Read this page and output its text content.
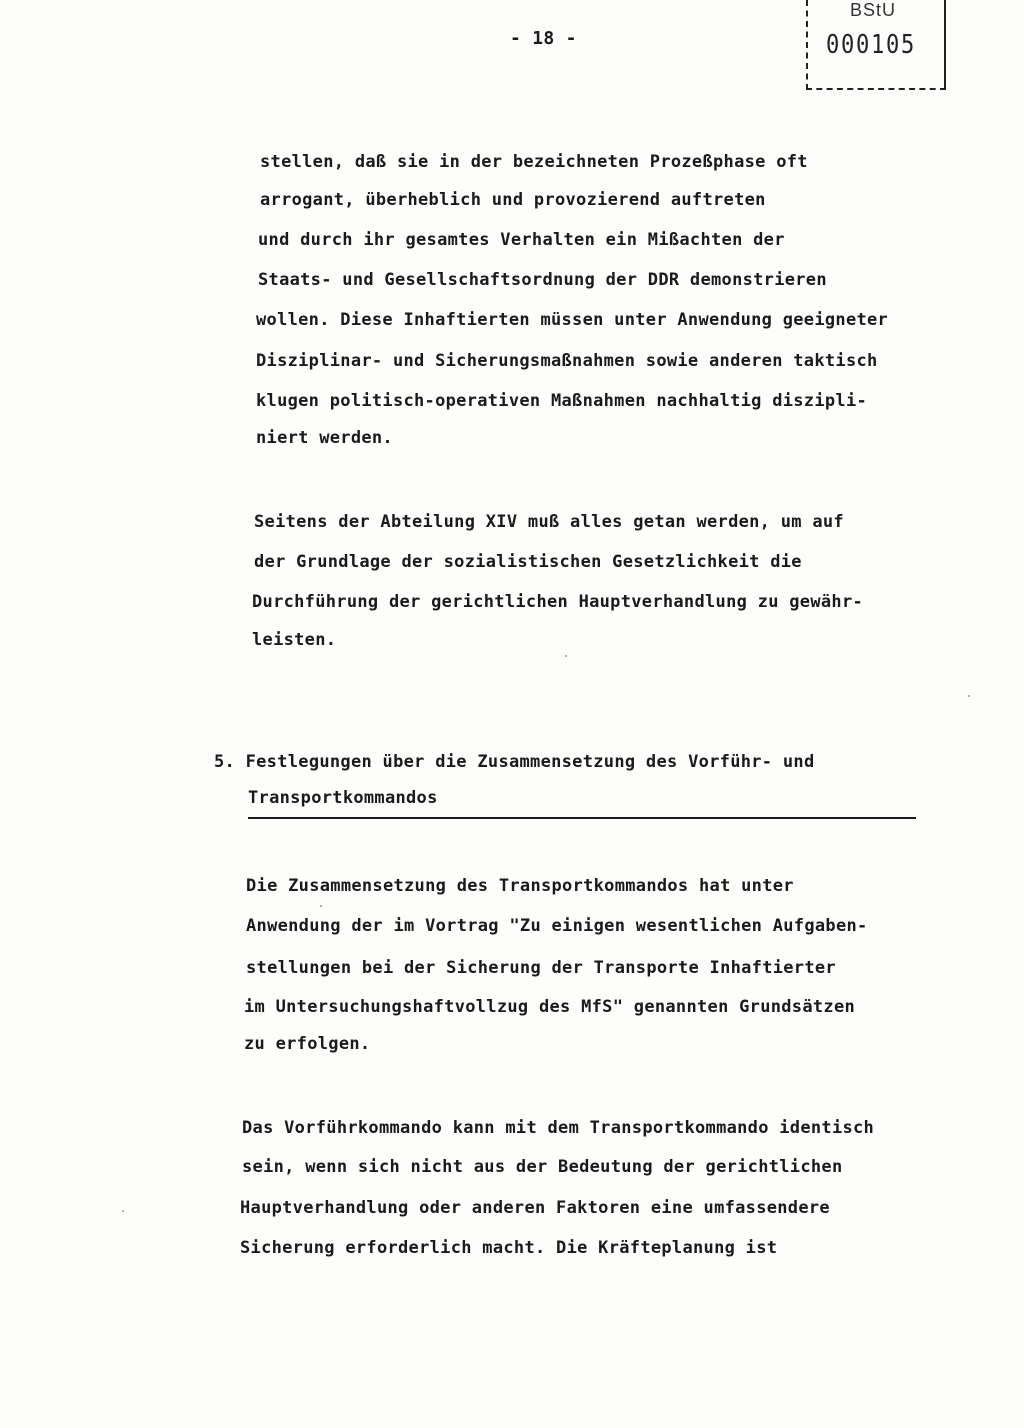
- 18 -
BStU
000105
stellen, daß sie in der bezeichneten Prozeßphase oft
arrogant, überheblich und provozierend auftreten
und durch ihr gesamtes Verhalten ein Mißachten der
Staats- und Gesellschaftsordnung der DDR demonstrieren
wollen. Diese Inhaftierten müssen unter Anwendung geeigneter
Disziplinar- und Sicherungsmaßnahmen sowie anderen taktisch
klugen politisch-operativen Maßnahmen nachhaltig diszipli-
niert werden.
Seitens der Abteilung XIV muß alles getan werden, um auf
der Grundlage der sozialistischen Gesetzlichkeit die
Durchführung der gerichtlichen Hauptverhandlung zu gewähr-
leisten.
5. Festlegungen über die Zusammensetzung des Vorführ- und
Transportkommandos
Die Zusammensetzung des Transportkommandos hat unter
Anwendung der im Vortrag "Zu einigen wesentlichen Aufgaben-
stellungen bei der Sicherung der Transporte Inhaftierter
im Untersuchungshaftvollzug des MfS" genannten Grundsätzen
zu erfolgen.
Das Vorführkommando kann mit dem Transportkommando identisch
sein, wenn sich nicht aus der Bedeutung der gerichtlichen
Hauptverhandlung oder anderen Faktoren eine umfassendere
Sicherung erforderlich macht. Die Kräfteplanung ist
